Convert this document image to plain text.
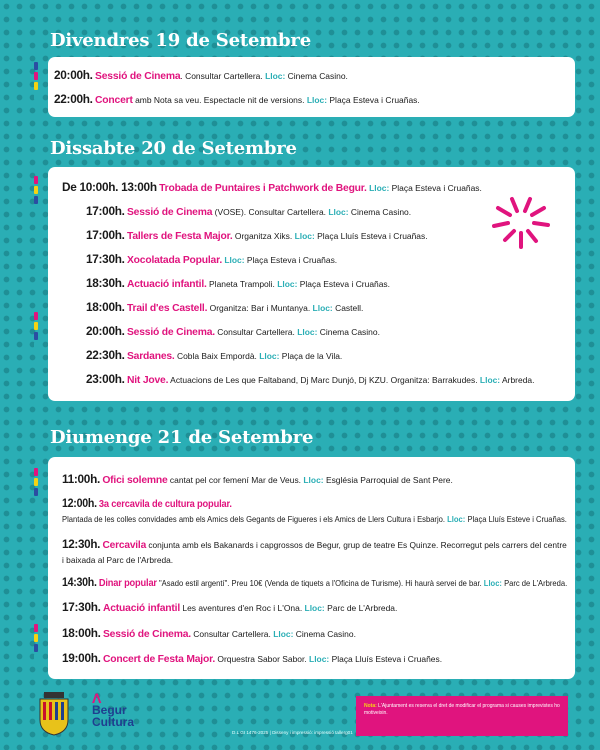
Divendres 19 de Setembre
20:00h. Sessió de Cinema. Consultar Cartellera. Lloc: Cinema Casino.
22:00h. Concert amb Nota sa veu. Espectacle nit de versions. Lloc: Plaça Esteva i Cruañas.
Dissabte 20 de Setembre
De 10:00h. 13:00h Trobada de Puntaires i Patchwork de Begur. Lloc: Plaça Esteva i Cruañas.
17:00h. Sessió de Cinema (VOSE). Consultar Cartellera. Lloc: Cinema Casino.
17:00h. Tallers de Festa Major. Organitza Xiks. Lloc: Plaça Lluís Esteva i Cruañas.
17:30h. Xocolatada Popular. Lloc: Plaça Esteva i Cruañas.
18:30h. Actuació infantil. Planeta Trampoli. Lloc: Plaça Esteva i Cruañas.
18:00h. Trail d'es Castell. Organitza: Bar i Muntanya. Lloc: Castell.
20:00h. Sessió de Cinema. Consultar Cartellera. Lloc: Cinema Casino.
22:30h. Sardanes. Cobla Baix Empordà. Lloc: Plaça de la Vila.
23:00h. Nit Jove. Actuacions de Les que Faltaband, Dj Marc Dunjó, Dj KZU. Organitza: Barrakudes. Lloc: Arbreda.
Diumenge 21 de Setembre
11:00h. Ofici solemne cantat pel cor femení Mar de Veus. Lloc: Església Parroquial de Sant Pere.
12:00h. 3a cercavila de cultura popular.
Plantada de les colles convidades amb els Amics dels Gegants de Figueres i els Amics de Llers Cultura i Esbarjo. Lloc: Plaça Lluís Esteve i Cruañas.
12:30h. Cercavila conjunta amb els Bakanards i capgrossos de Begur, grup de teatre Es Quinze. Recorregut pels carrers del centre
i baixada al Parc de l'Arbreda.
14:30h. Dinar popular "Asado estil argentí". Preu 10€ (Venda de tiquets a l'Oficina de Turisme). Hi haurà servei de bar. Lloc: Parc de L'Arbreda.
17:30h. Actuació infantil Les aventures d'en Roc i L'Ona. Lloc: Parc de L'Arbreda.
18:00h. Sessió de Cinema. Consultar Cartellera. Lloc: Cinema Casino.
19:00h. Concert de Festa Major. Orquestra Sabor Sabor. Lloc: Plaça Lluís Esteva i Cruañes.
Λ
Begur
Cultura
D.L GI 1476-2025 | Disseny i impressió: impressió tallerg01
Nota: L'Ajuntament es reserva el dret de modificar el programa si causes imprevistes ho motiveixin.
